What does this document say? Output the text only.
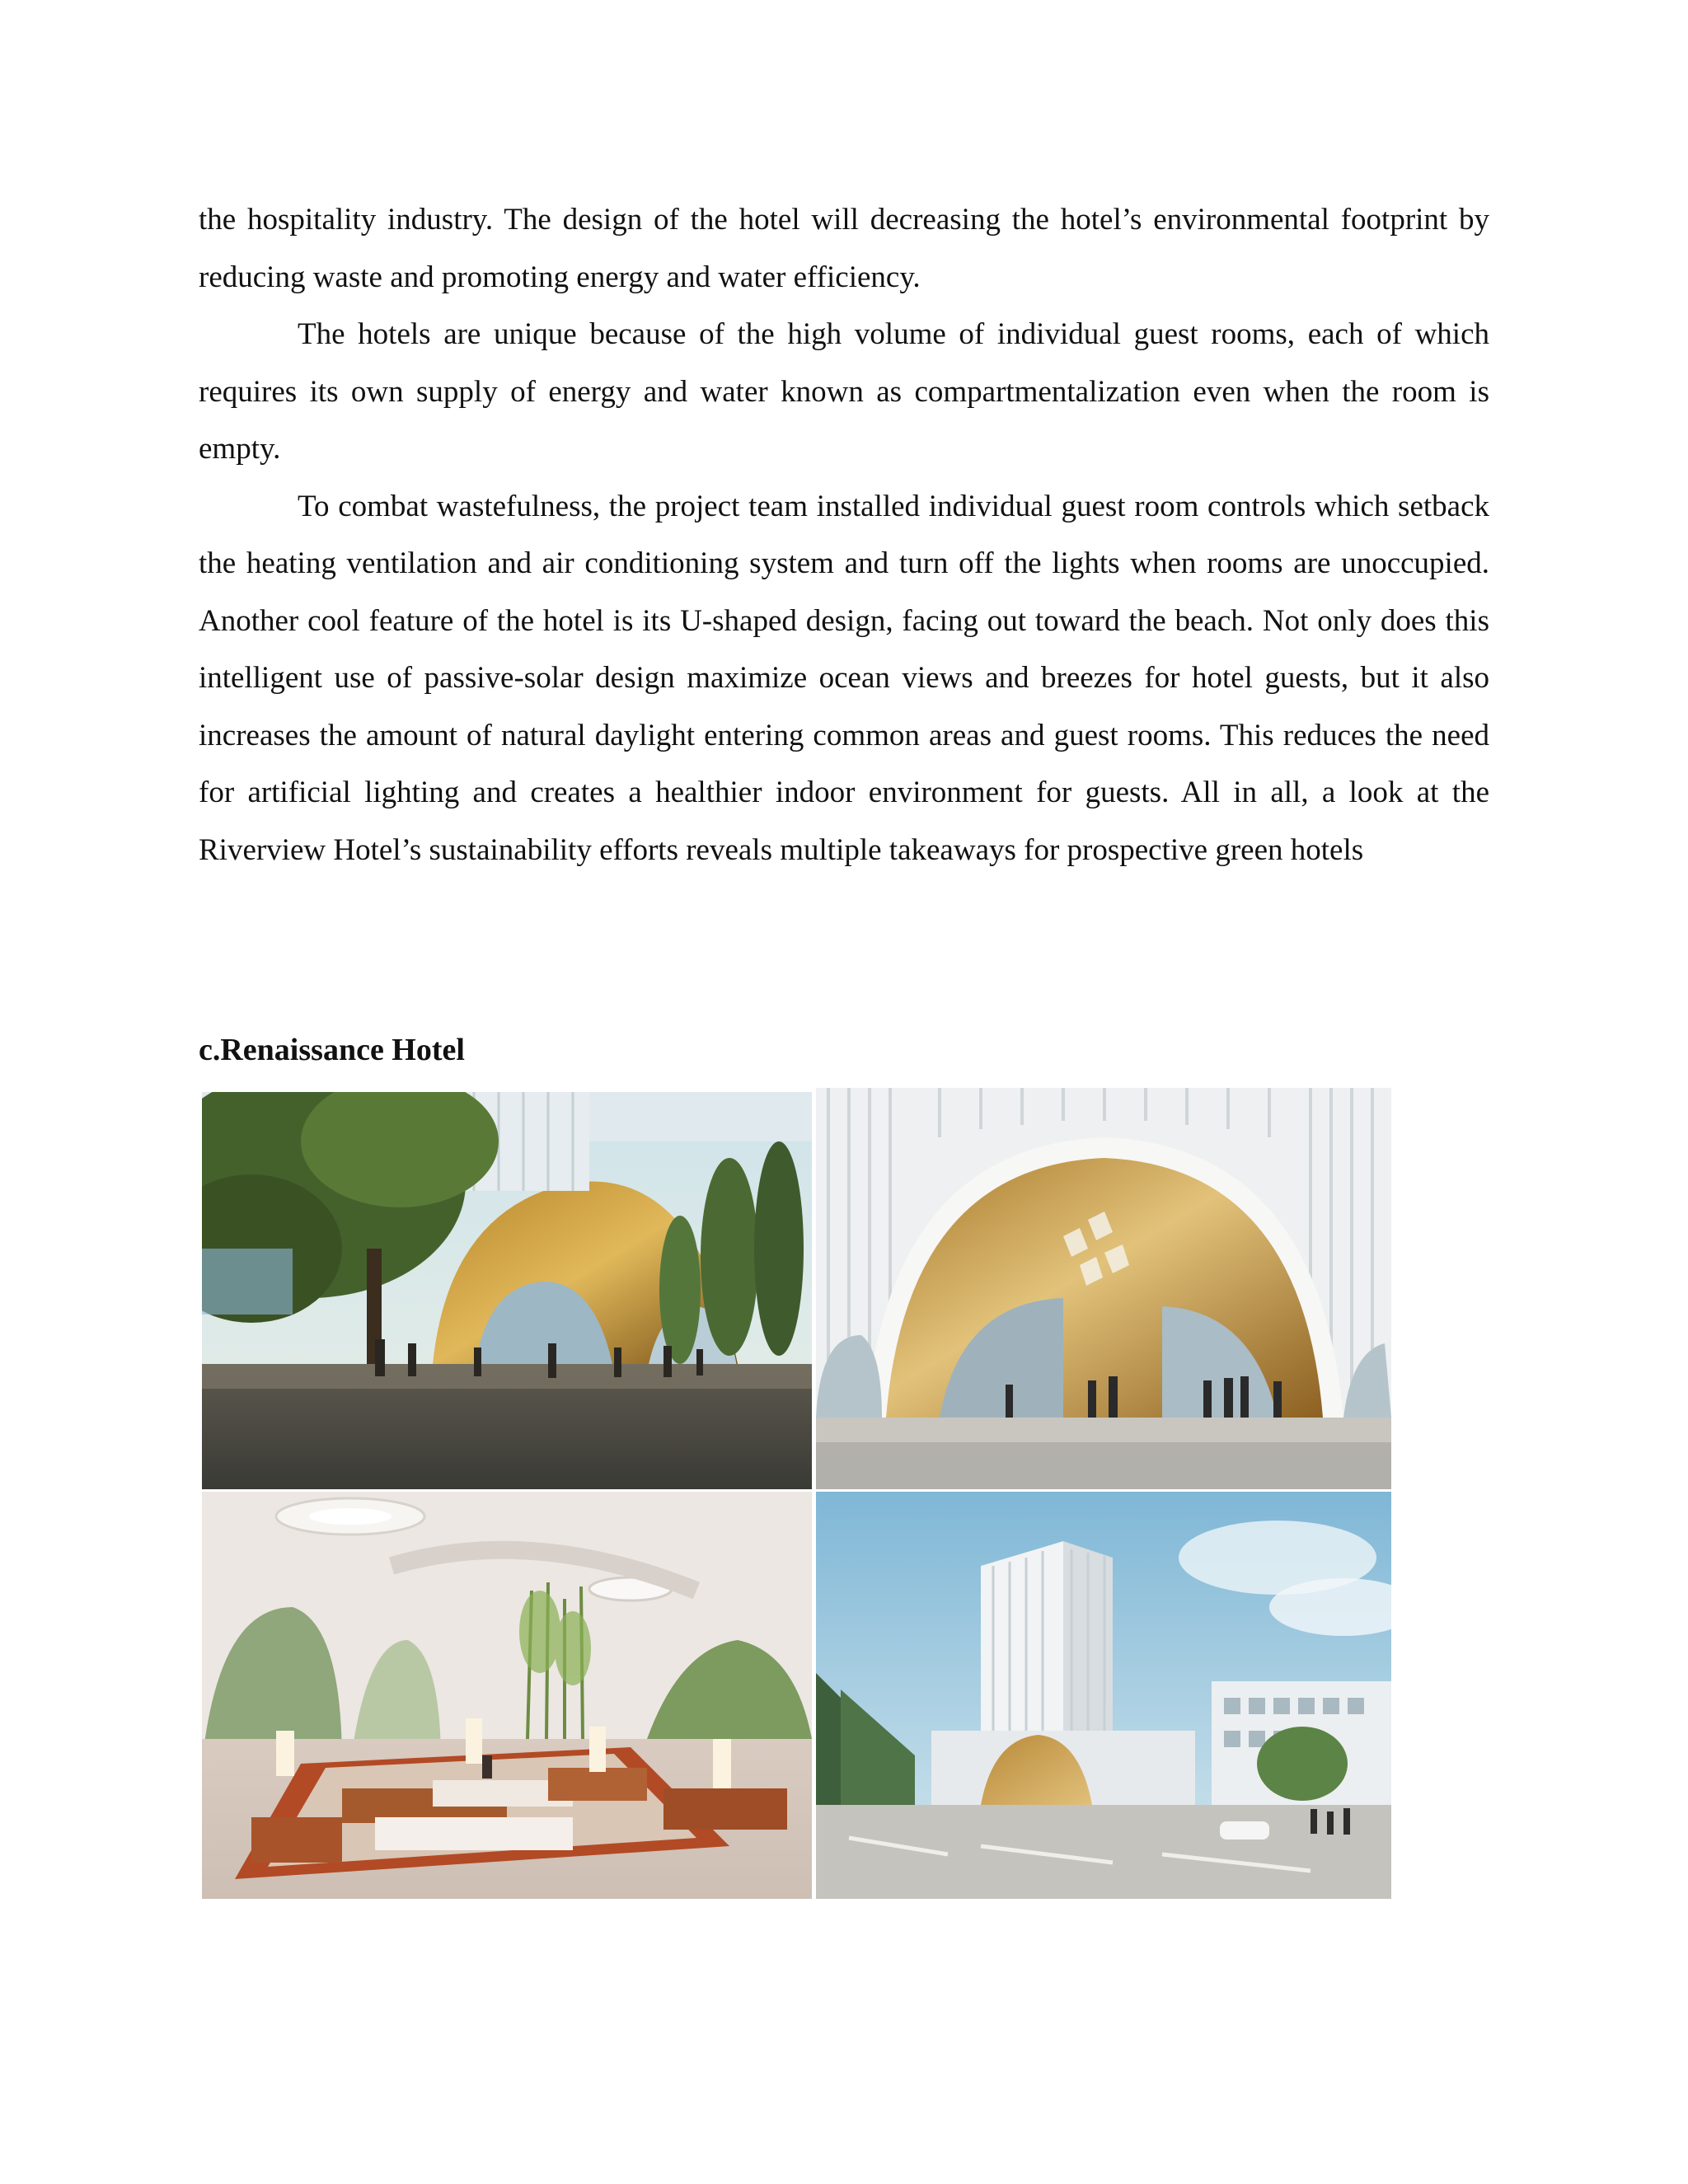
the hospitality industry. The design of the hotel will decreasing the hotel’s environmental footprint by reducing waste and promoting energy and water efficiency.

The hotels are unique because of the high volume of individual guest rooms, each of which requires its own supply of energy and water known as compartmentalization even when the room is empty.

To combat wastefulness, the project team installed individual guest room controls which setback the heating ventilation and air conditioning system and turn off the lights when rooms are unoccupied. Another cool feature of the hotel is its U-shaped design, facing out toward the beach. Not only does this intelligent use of passive-solar design maximize ocean views and breezes for hotel guests, but it also increases the amount of natural daylight entering common areas and guest rooms. This reduces the need for artificial lighting and creates a healthier indoor environment for guests. All in all, a look at the Riverview Hotel’s sustainability efforts reveals multiple takeaways for prospective green hotels

c.Renaissance Hotel
